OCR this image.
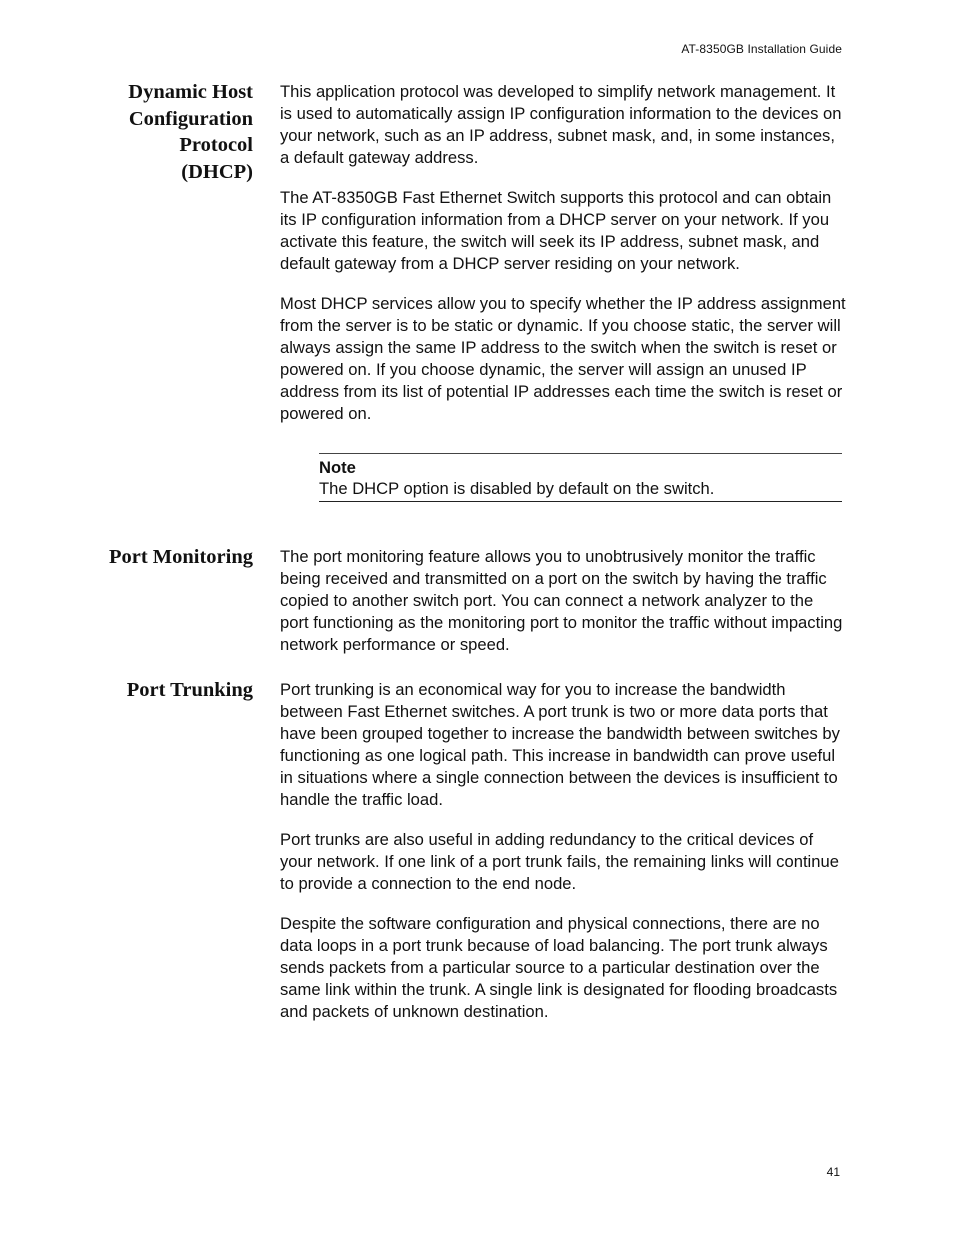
AT-8350GB Installation Guide
Dynamic Host
Configuration
Protocol
(DHCP)

This application protocol was developed to simplify network management. It is used to automatically assign IP configuration information to the devices on your network, such as an IP address, subnet mask, and, in some instances, a default gateway address.

The AT-8350GB Fast Ethernet Switch supports this protocol and can obtain its IP configuration information from a DHCP server on your network. If you activate this feature, the switch will seek its IP address, subnet mask, and default gateway from a DHCP server residing on your network.

Most DHCP services allow you to specify whether the IP address assignment from the server is to be static or dynamic. If you choose static, the server will always assign the same IP address to the switch when the switch is reset or powered on. If you choose dynamic, the server will assign an unused IP address from its list of potential IP addresses each time the switch is reset or powered on.

Note
The DHCP option is disabled by default on the switch.
Port Monitoring The port monitoring feature allows you to unobtrusively monitor the traffic being received and transmitted on a port on the switch by having the traffic copied to another switch port. You can connect a network analyzer to the port functioning as the monitoring port to monitor the traffic without impacting network performance or speed.

Port Trunking Port trunking is an economical way for you to increase the bandwidth between Fast Ethernet switches. A port trunk is two or more data ports that have been grouped together to increase the bandwidth between switches by functioning as one logical path. This increase in bandwidth can prove useful in situations where a single connection between the devices is insufficient to handle the traffic load.

Port trunks are also useful in adding redundancy to the critical devices of your network. If one link of a port trunk fails, the remaining links will continue to provide a connection to the end node.

Despite the software configuration and physical connections, there are no data loops in a port trunk because of load balancing. The port trunk always sends packets from a particular source to a particular destination over the same link within the trunk. A single link is designated for flooding broadcasts and packets of unknown destination.

41
